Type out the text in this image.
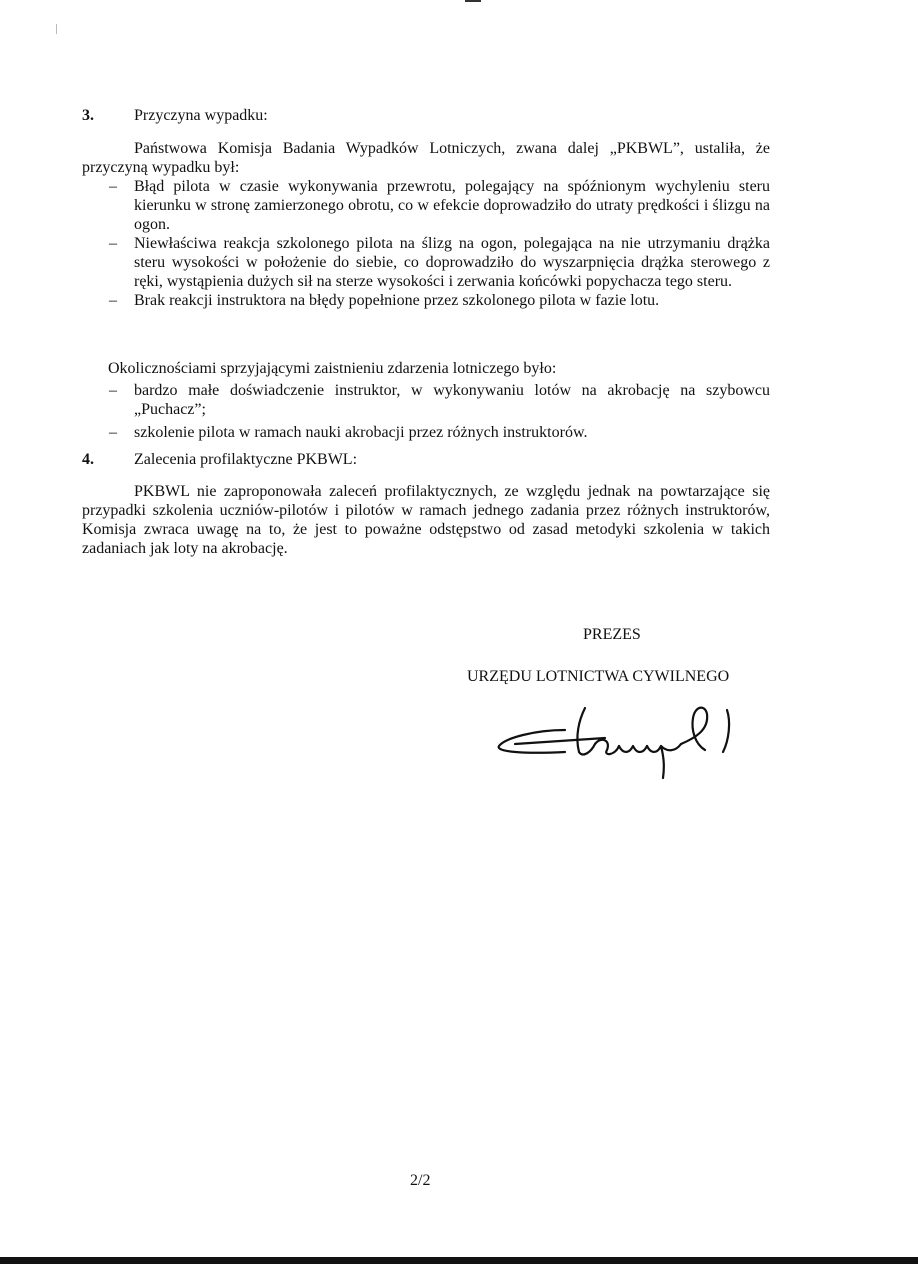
3.	Przyczyna wypadku:

Państwowa Komisja Badania Wypadków Lotniczych, zwana dalej „PKBWL”, ustaliła, że przyczyną wypadku był:

– Błąd pilota w czasie wykonywania przewrotu, polegający na spóźnionym wychyleniu steru kierunku w stronę zamierzonego obrotu, co w efekcie doprowadziło do utraty prędkości i ślizgu na ogon.
– Niewłaściwa reakcja szkolonego pilota na ślizg na ogon, polegająca na nie utrzymaniu drążka steru wysokości w położenie do siebie, co doprowadziło do wyszarpnięcia drążka sterowego z ręki, wystąpienia dużych sił na sterze wysokości i zerwania końcówki popychacza tego steru.
– Brak reakcji instruktora na błędy popełnione przez szkolonego pilota w fazie lotu.

Okolicznościami sprzyjającymi zaistnieniu zdarzenia lotniczego było:

– bardzo małe doświadczenie instruktor, w wykonywaniu lotów na akrobację na szybowcu „Puchacz”;
– szkolenie pilota w ramach nauki akrobacji przez różnych instruktorów.
4.	Zalecenia profilaktyczne PKBWL:

PKBWL nie zaproponowała zaleceń profilaktycznych, ze względu jednak na powtarzające się przypadki szkolenia uczniów-pilotów i pilotów w ramach jednego zadania przez różnych instruktorów, Komisja zwraca uwagę na to, że jest to poważne odstępstwo od zasad metodyki szkolenia w takich zadaniach jak loty na akrobację.

PREZES
URZĘDU LOTNICTWA CYWILNEGO
2/2
